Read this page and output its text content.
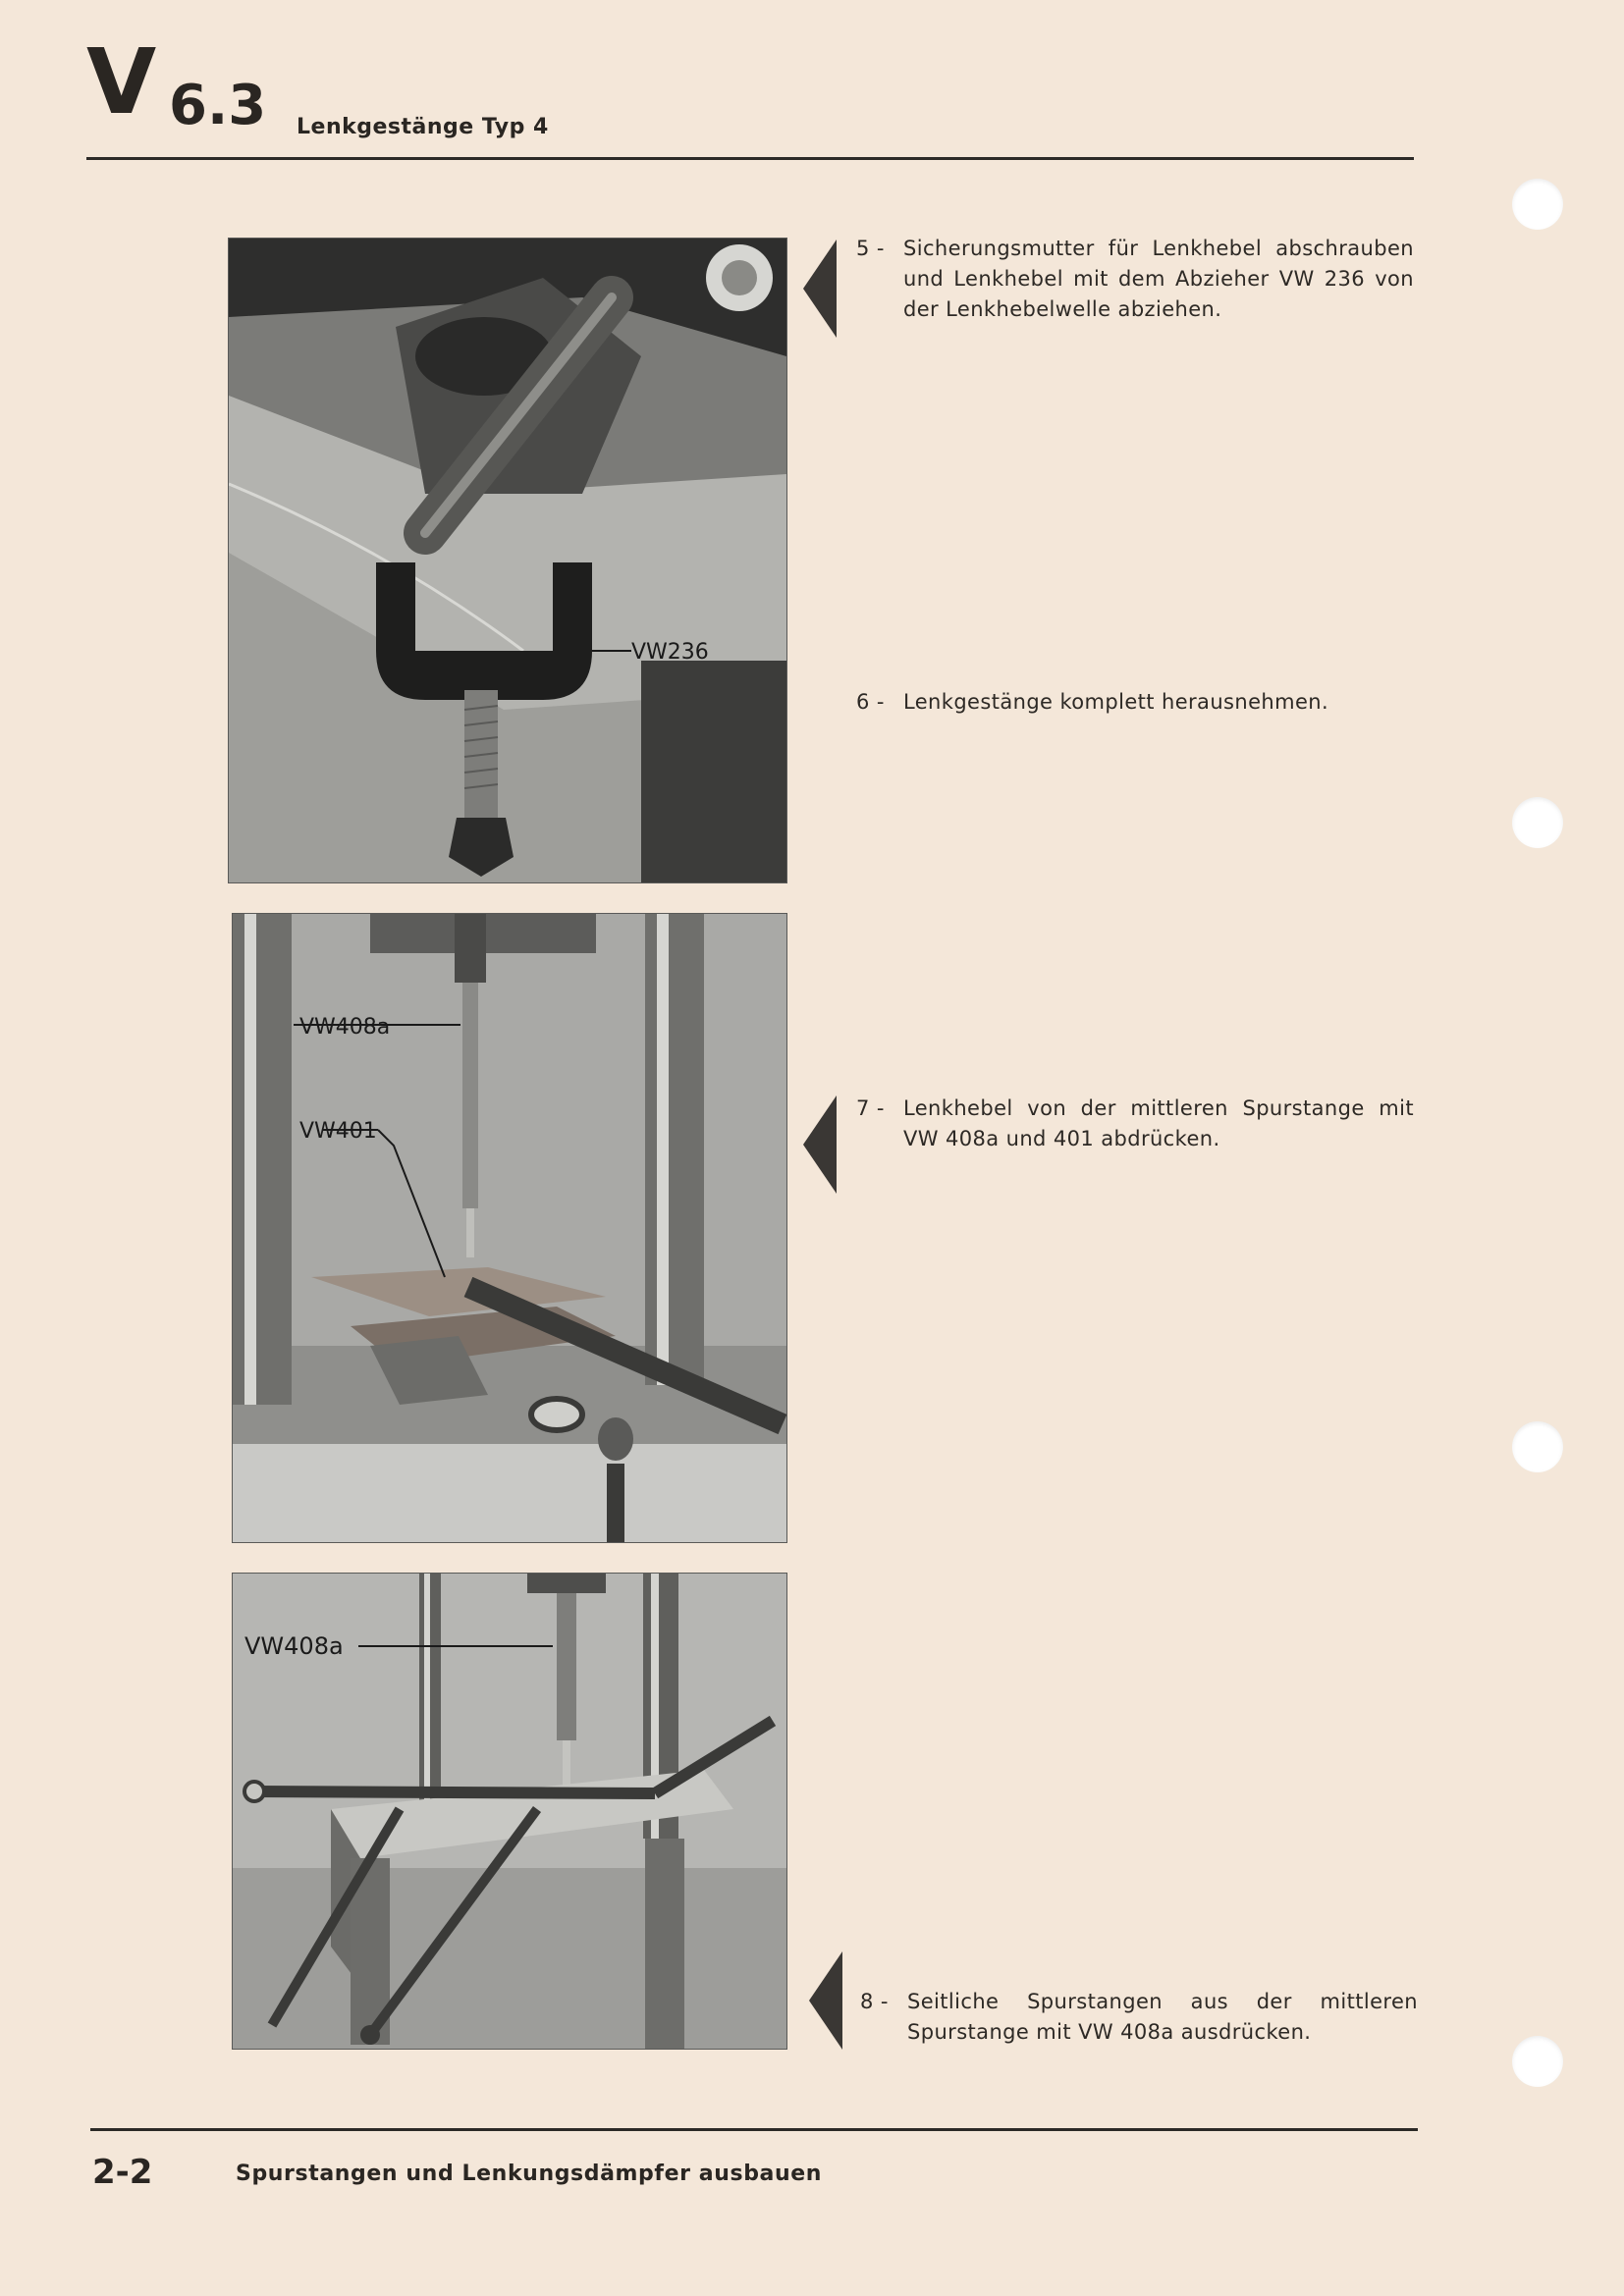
V 6.3 Lenkgestänge Typ 4
VW236
VW408a
VW401
VW408a
5 - Sicherungsmutter für Lenkhebel abschrauben und Lenkhebel mit dem Abzieher VW 236 von der Lenkhebelwelle abziehen.
6 - Lenkgestänge komplett herausnehmen.
7 - Lenkhebel von der mittleren Spurstange mit VW 408a und 401 abdrücken.
8 - Seitliche Spurstangen aus der mittleren Spurstange mit VW 408a ausdrücken.
2-2	Spurstangen und Lenkungsdämpfer ausbauen
